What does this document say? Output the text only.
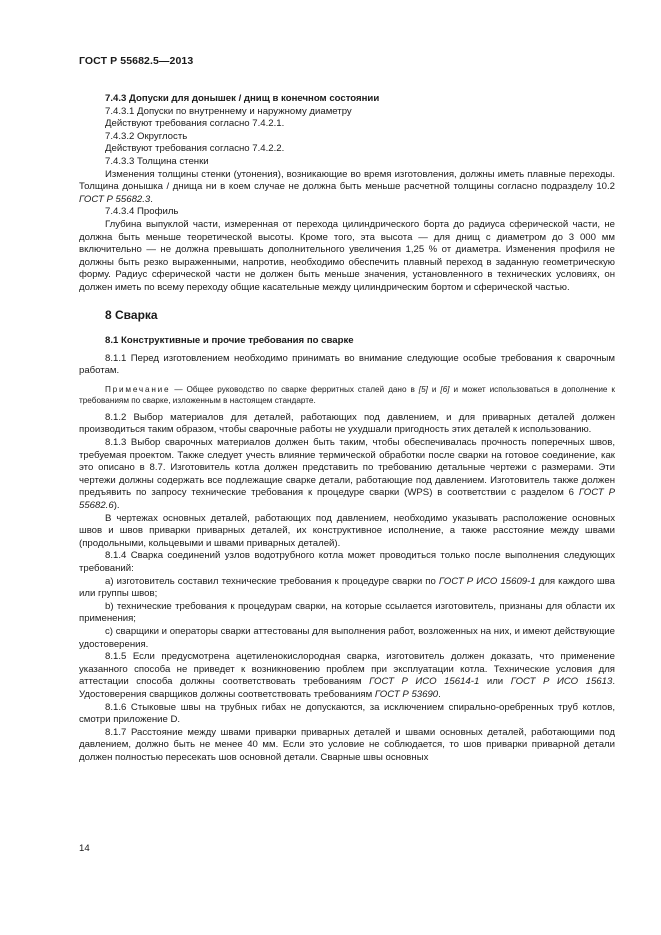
ГОСТ Р 55682.5—2013

7.4.3 Допуски для донышек / днищ в конечном состоянии

7.4.3.1 Допуски по внутреннему и наружному диаметру

Действуют требования согласно 7.4.2.1.

7.4.3.2 Округлость

Действуют требования согласно 7.4.2.2.

7.4.3.3 Толщина стенки

Изменения толщины стенки (утонения), возникающие во время изготовления, должны иметь плавные переходы. Толщина донышка / днища ни в коем случае не должна быть меньше расчетной толщины согласно подразделу 10.2 ГОСТ Р 55682.3.

7.4.3.4 Профиль

Глубина выпуклой части, измеренная от перехода цилиндрического борта до радиуса сферической части, не должна быть меньше теоретической высоты. Кроме того, эта высота — для днищ с диаметром до 3 000 мм включительно — не должна превышать дополнительного увеличения 1,25 % от диаметра. Изменения профиля не должны быть резко выраженными, напротив, необходимо обеспечить плавный переход в заданную геометрическую форму. Радиус сферической части не должен быть меньше значения, установленного в технических условиях, он должен иметь по всему переходу общие касательные между цилиндрическим бортом и сферической частью.

8 Сварка

8.1 Конструктивные и прочие требования по сварке

8.1.1 Перед изготовлением необходимо принимать во внимание следующие особые требования к сварочным работам.

Примечание — Общее руководство по сварке ферритных сталей дано в [5] и [6] и может использоваться в дополнение к требованиям по сварке, изложенным в настоящем стандарте.

8.1.2 Выбор материалов для деталей, работающих под давлением, и для приварных деталей должен производиться таким образом, чтобы сварочные работы не ухудшали пригодность этих деталей к использованию.

8.1.3 Выбор сварочных материалов должен быть таким, чтобы обеспечивалась прочность поперечных швов, требуемая проектом. Также следует учесть влияние термической обработки после сварки на готовое соединение, как это описано в 8.7. Изготовитель котла должен представить по требованию детальные чертежи с размерами. Эти чертежи должны содержать все подлежащие сварке детали, работающие под давлением. Изготовитель также должен предъявить по запросу технические требования к процедуре сварки (WPS) в соответствии с разделом 6 ГОСТ Р 55682.6).

В чертежах основных деталей, работающих под давлением, необходимо указывать расположение основных швов и швов приварки приварных деталей, их конструктивное исполнение, а также расстояние между швами (продольными, кольцевыми и швами приварных деталей).

8.1.4 Сварка соединений узлов водотрубного котла может проводиться только после выполнения следующих требований:

a) изготовитель составил технические требования к процедуре сварки по ГОСТ Р ИСО 15609-1 для каждого шва или группы швов;

b) технические требования к процедурам сварки, на которые ссылается изготовитель, признаны для области их применения;

c) сварщики и операторы сварки аттестованы для выполнения работ, возложенных на них, и имеют действующие удостоверения.

8.1.5 Если предусмотрена ацетиленокислородная сварка, изготовитель должен доказать, что применение указанного способа не приведет к возникновению проблем при эксплуатации котла. Технические условия для аттестации способа должны соответствовать требованиям ГОСТ Р ИСО 15614-1 или ГОСТ Р ИСО 15613. Удостоверения сварщиков должны соответствовать требованиям ГОСТ Р 53690.

8.1.6 Стыковые швы на трубных гибах не допускаются, за исключением спирально-оребренных труб котлов, смотри приложение D.

8.1.7 Расстояние между швами приварки приварных деталей и швами основных деталей, работающими под давлением, должно быть не менее 40 мм. Если это условие не соблюдается, то шов приварки приварной детали должен полностью пересекать шов основной детали. Сварные швы основных

14
